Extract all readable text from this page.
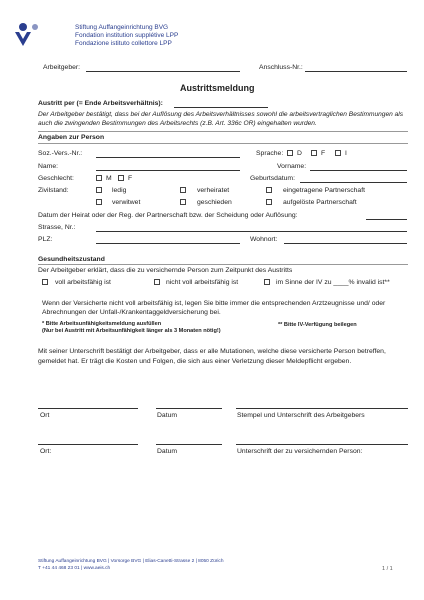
Stiftung Auffangeinrichtung BVG
Fondation institution supplétive LPP
Fondazione istituto collettore LPP
Arbeitgeber:	Anschluss-Nr.:
Austrittsmeldung
Austritt per (= Ende Arbeitsverhältnis):
Der Arbeitgeber bestätigt, dass bei der Auflösung des Arbeitsverhältnisses sowohl die arbeitsvertraglichen Bestimmungen als auch die zwingenden Bestimmungen des Arbeitsrechts (z.B. Art. 336c OR) eingehalten wurden.
Angaben zur Person
Soz.-Vers.-Nr.:	Sprache: D	F	I
Name:	Vorname:
Geschlecht:	M F	Geburtsdatum:
Zivilstand:	ledig	verheiratet	eingetragene Partnerschaft
verwitwet	geschieden	aufgelöste Partnerschaft
Datum der Heirat oder der Reg. der Partnerschaft bzw. der Scheidung oder Auflösung:
Strasse, Nr.:
PLZ:	Wohnort:
Gesundheitszustand
Der Arbeitgeber erklärt, dass die zu versichernde Person zum Zeitpunkt des Austritts
voll arbeitsfähig ist	nicht voll arbeitsfähig ist	im Sinne der IV zu ____% invalid ist**
Wenn der Versicherte nicht voll arbeitsfähig ist, legen Sie bitte immer die entsprechenden Arztzeugnisse und/ oder Abrechnungen der Unfall-/Krankentaggeldversicherung bei.
* Bitte Arbeitsunfähigkeitsmeldung ausfüllen
(Nur bei Austritt mit Arbeitsunfähigkeit länger als 3 Monaten nötig!)
** Bitte IV-Verfügung beilegen
Mit seiner Unterschrift bestätigt der Arbeitgeber, dass er alle Mutationen, welche diese versicherte Person betreffen, gemeldet hat. Er trägt die Kosten und Folgen, die sich aus einer Verletzung dieser Meldepflicht ergeben.
Ort	Datum	Stempel und Unterschrift des Arbeitgebers
Ort:	Datum	Unterschrift der zu versichernden Person:
Stiftung Auffangeinrichtung BVG | Vorsorge BVG | Elias-Canetti-Strasse 2 | 8050 Zürich
T +41 44 468 23 01 | www.aeis.ch	1 / 1
